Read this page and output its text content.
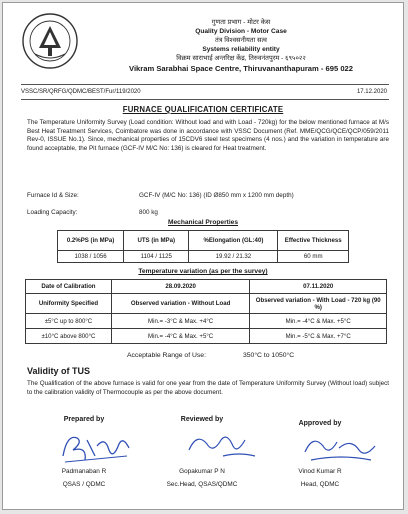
गुणता प्रभाग - मोटर केस
Quality Division - Motor Case
तंत्र विश्वसनीयता सत्व
Systems reliability entity
विक्रम साराभाई अन्तरिक्ष केंद्र, तिरुवनंतपुरम - ६९५०२२
Vikram Sarabhai Space Centre, Thiruvananthapuram - 695 022
VSSC/SR/QRFG/QDMC/BEST/Fur/119/2020	17.12.2020
FURNACE QUALIFICATION CERTIFICATE
The Temperature Uniformity Survey (Load condition: Without load and with Load - 720kg) for the below mentioned furnace at M/s Best Heat Treatment Services, Coimbatore was done in accordance with VSSC Document (Ref. MME/QCG/QCE/QCP/059/2011 Rev-0, ISSUE No.1). Since, mechanical properties of 15CDV6 steel test specimens (4 nos.) and the variation in temperature are found acceptable, the Pit furnace (GCF-IV M/C No: 136) is cleared for Heat treatment.
Furnace Id & Size:	GCF-IV (M/C No: 136) (ID Ø850 mm x 1200 mm depth)
Loading Capacity:	800 kg
Mechanical Properties
0.2%PS (in MPa)	UTS (in MPa)	%Elongation (GL:40)	Effective Thickness
1038 / 1056	1104 / 1125	19.92 / 21.32	60 mm
Temperature variation (as per the survey)
Date of Calibration	28.09.2020	07.11.2020
Uniformity Specified	Observed variation - Without Load	Observed variation - With Load - 720 kg (90 %)
±5°C up to 800°C	Min.= -3°C & Max. +4°C	Min.= -4°C & Max. +5°C
±10°C above 800°C	Min.= -4°C & Max. +5°C	Min.= -5°C & Max. +7°C
Acceptable Range of Use:	350°C to 1050°C
Validity of TUS
The Qualification of the above furnace is valid for one year from the date of Temperature Uniformity Survey (Without load) subject to the calibration validity of Thermocouple as per the above document.
Prepared by	Reviewed by
Approved by
Padmanaban R
QSAS / QDMC
Gopakumar P N
Sec.Head, QSAS/QDMC
Vinod Kumar R
Head, QDMC
